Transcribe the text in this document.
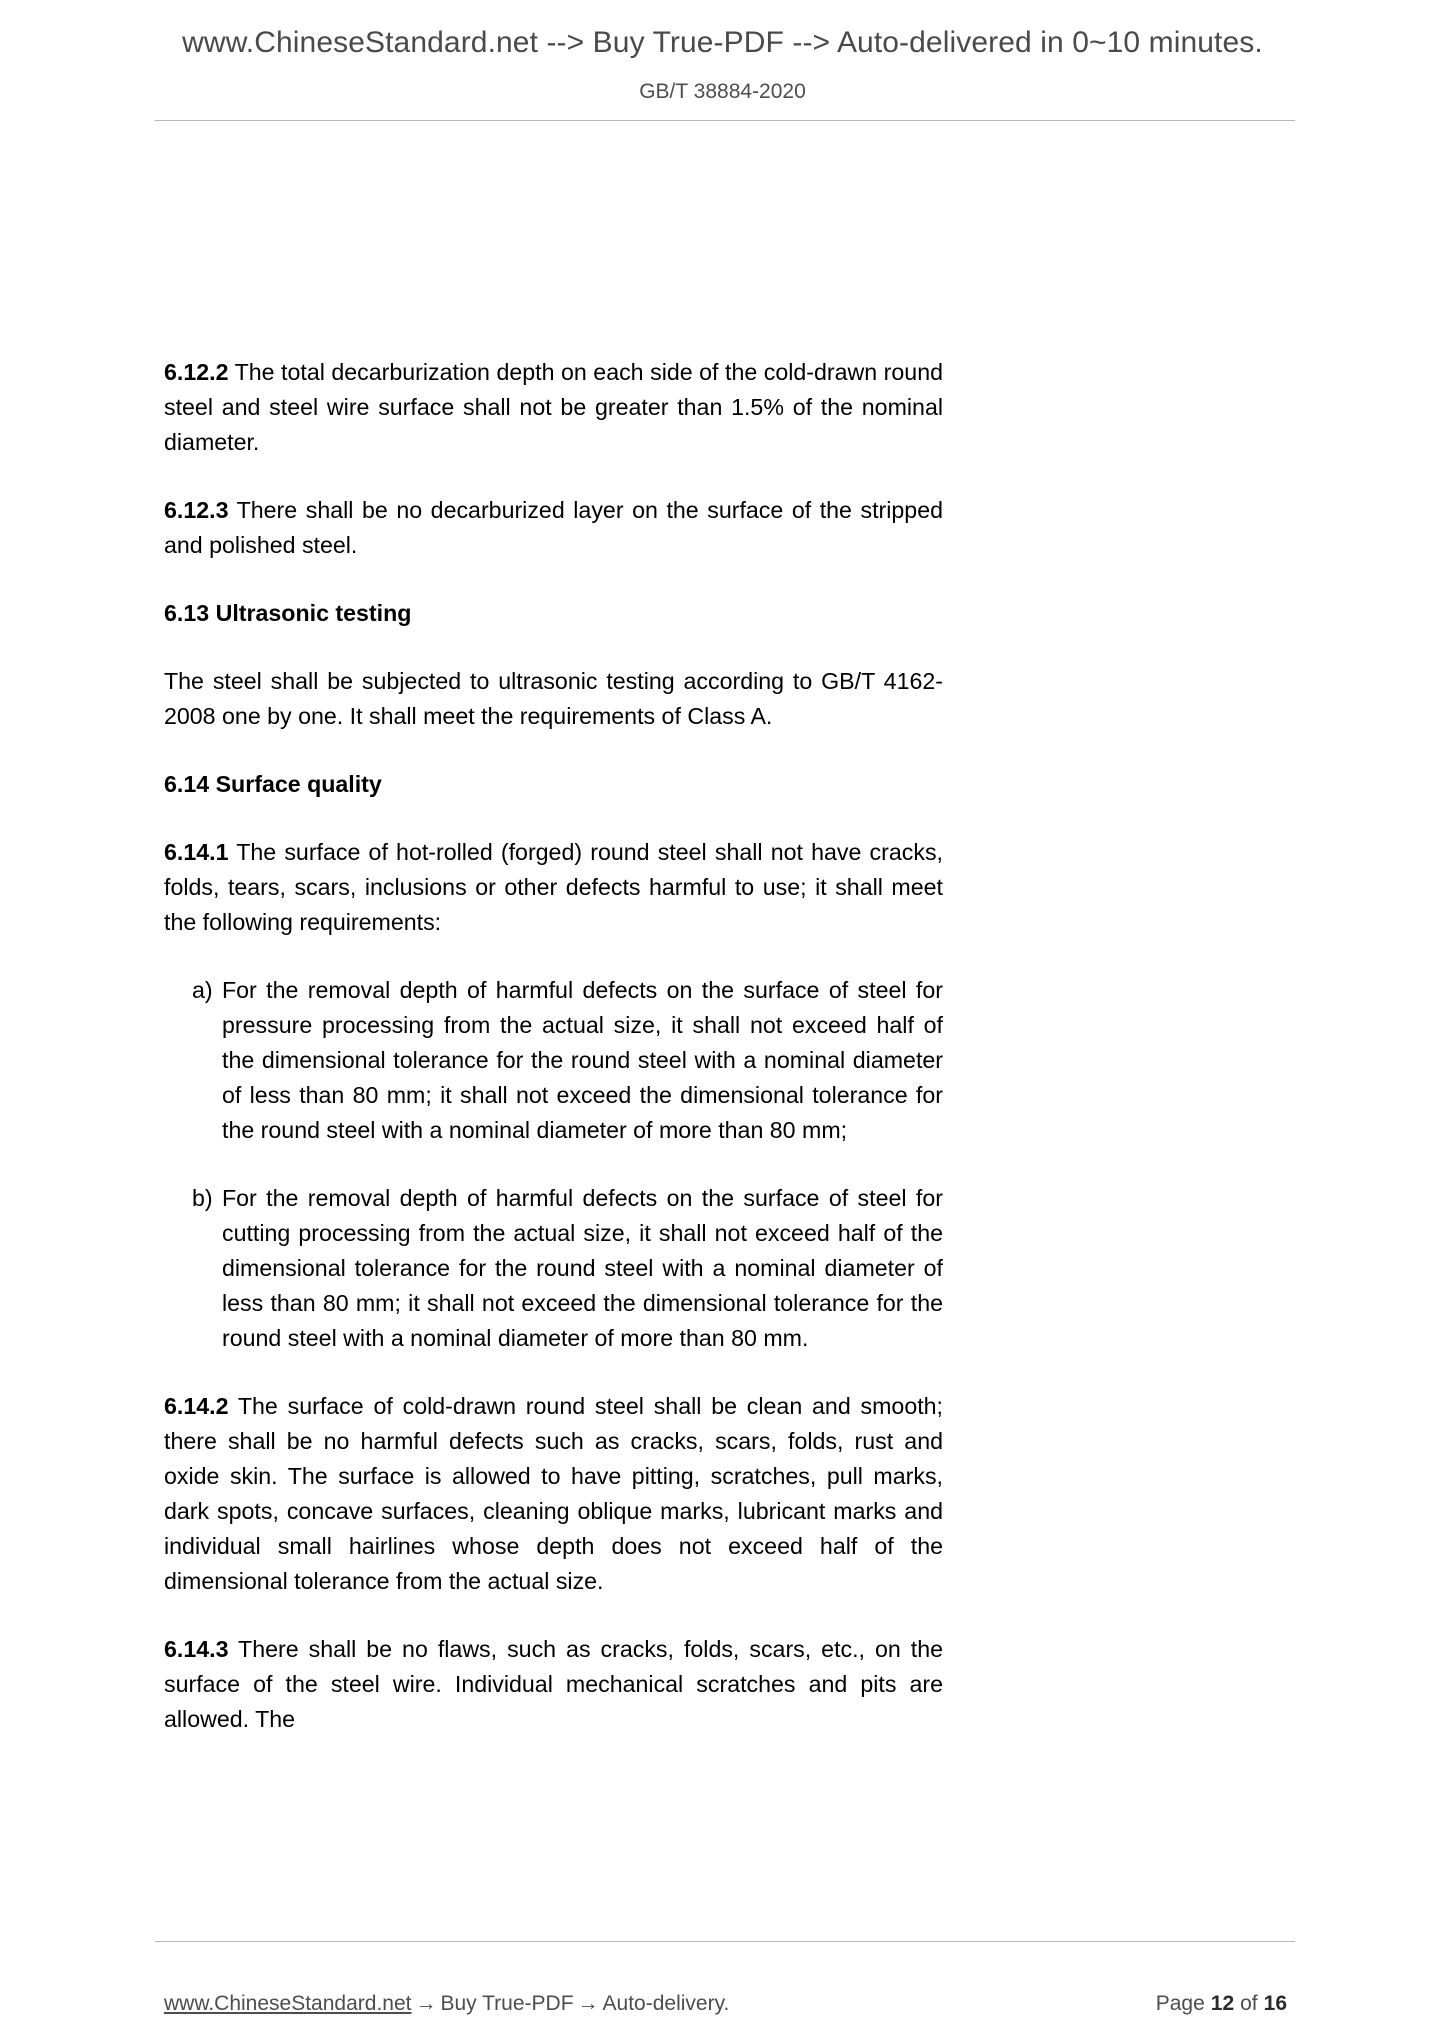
www.ChineseStandard.net --> Buy True-PDF --> Auto-delivered in 0~10 minutes.
GB/T 38884-2020

6.12.2 The total decarburization depth on each side of the cold-drawn round steel and steel wire surface shall not be greater than 1.5% of the nominal diameter.

6.12.3 There shall be no decarburized layer on the surface of the stripped and polished steel.

6.13 Ultrasonic testing

The steel shall be subjected to ultrasonic testing according to GB/T 4162-2008 one by one. It shall meet the requirements of Class A.

6.14 Surface quality

6.14.1 The surface of hot-rolled (forged) round steel shall not have cracks, folds, tears, scars, inclusions or other defects harmful to use; it shall meet the following requirements:

a) For the removal depth of harmful defects on the surface of steel for pressure processing from the actual size, it shall not exceed half of the dimensional tolerance for the round steel with a nominal diameter of less than 80 mm; it shall not exceed the dimensional tolerance for the round steel with a nominal diameter of more than 80 mm;
b) For the removal depth of harmful defects on the surface of steel for cutting processing from the actual size, it shall not exceed half of the dimensional tolerance for the round steel with a nominal diameter of less than 80 mm; it shall not exceed the dimensional tolerance for the round steel with a nominal diameter of more than 80 mm.

6.14.2 The surface of cold-drawn round steel shall be clean and smooth; there shall be no harmful defects such as cracks, scars, folds, rust and oxide skin. The surface is allowed to have pitting, scratches, pull marks, dark spots, concave surfaces, cleaning oblique marks, lubricant marks and individual small hairlines whose depth does not exceed half of the dimensional tolerance from the actual size.

6.14.3 There shall be no flaws, such as cracks, folds, scars, etc., on the surface of the steel wire. Individual mechanical scratches and pits are allowed. The

www.ChineseStandard.net → Buy True-PDF → Auto-delivery.	Page 12 of 16
